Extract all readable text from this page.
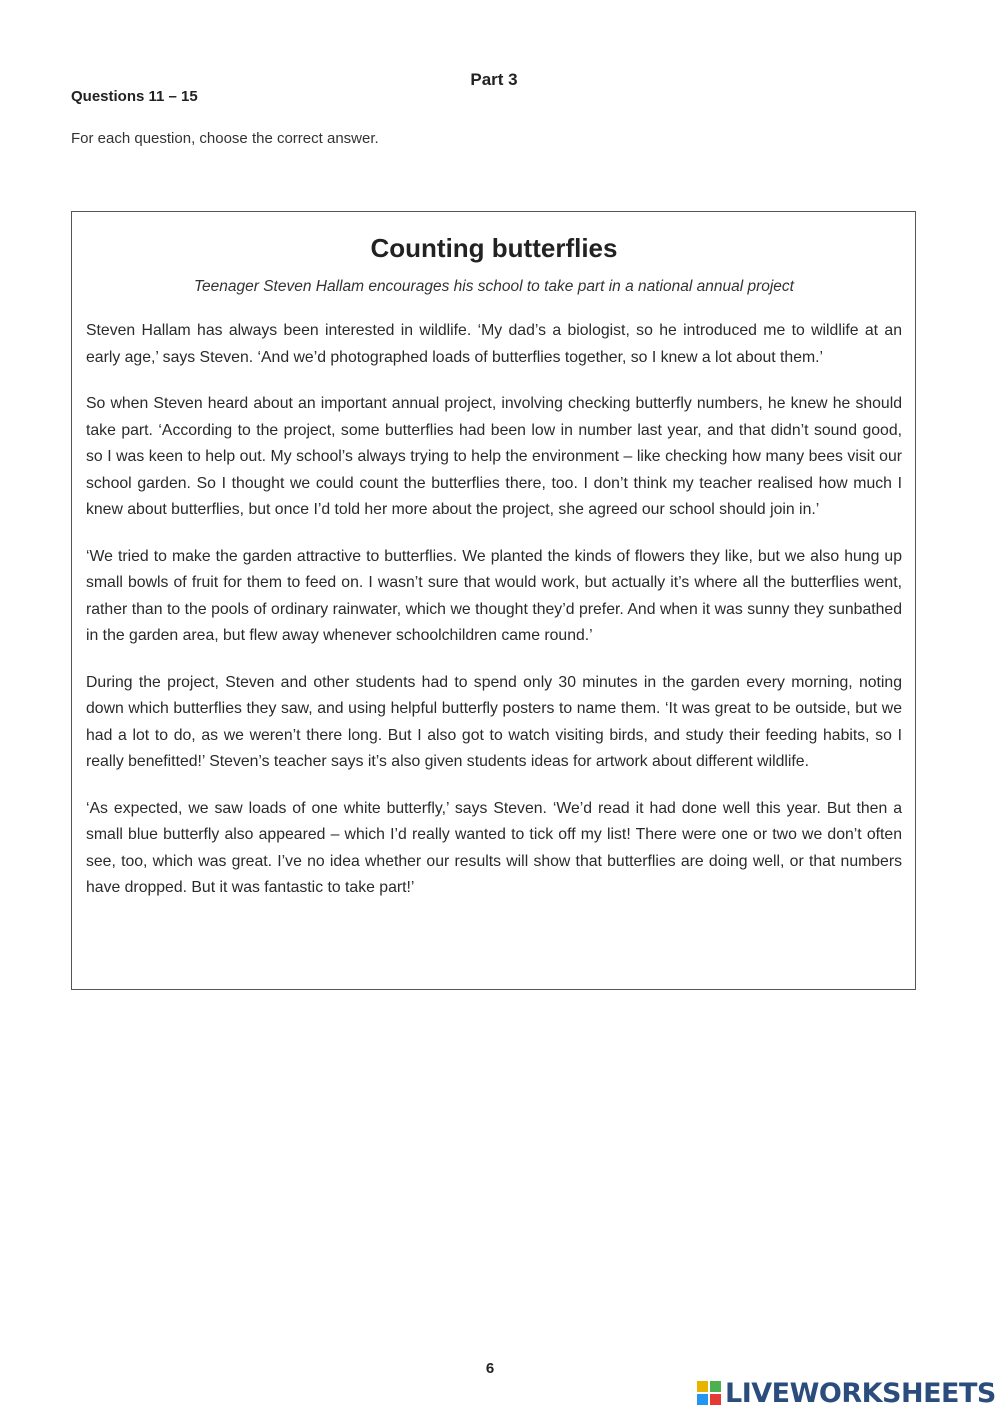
Part 3
Questions 11 – 15
For each question, choose the correct answer.
Counting butterflies
Teenager Steven Hallam encourages his school to take part in a national annual project

Steven Hallam has always been interested in wildlife. ‘My dad’s a biologist, so he introduced me to wildlife at an early age,’ says Steven. ‘And we’d photographed loads of butterflies together, so I knew a lot about them.’

So when Steven heard about an important annual project, involving checking butterfly numbers, he knew he should take part. ‘According to the project, some butterflies had been low in number last year, and that didn’t sound good, so I was keen to help out. My school’s always trying to help the environment – like checking how many bees visit our school garden. So I thought we could count the butterflies there, too. I don’t think my teacher realised how much I knew about butterflies, but once I’d told her more about the project, she agreed our school should join in.’

‘We tried to make the garden attractive to butterflies. We planted the kinds of flowers they like, but we also hung up small bowls of fruit for them to feed on. I wasn’t sure that would work, but actually it’s where all the butterflies went, rather than to the pools of ordinary rainwater, which we thought they’d prefer. And when it was sunny they sunbathed in the garden area, but flew away whenever schoolchildren came round.’

During the project, Steven and other students had to spend only 30 minutes in the garden every morning, noting down which butterflies they saw, and using helpful butterfly posters to name them. ‘It was great to be outside, but we had a lot to do, as we weren’t there long. But I also got to watch visiting birds, and study their feeding habits, so I really benefitted!’ Steven’s teacher says it’s also given students ideas for artwork about different wildlife.

‘As expected, we saw loads of one white butterfly,’ says Steven. ‘We’d read it had done well this year. But then a small blue butterfly also appeared – which I’d really wanted to tick off my list! There were one or two we don’t often see, too, which was great. I’ve no idea whether our results will show that butterflies are doing well, or that numbers have dropped. But it was fantastic to take part!’

6
LIVEWORKSHEETS
